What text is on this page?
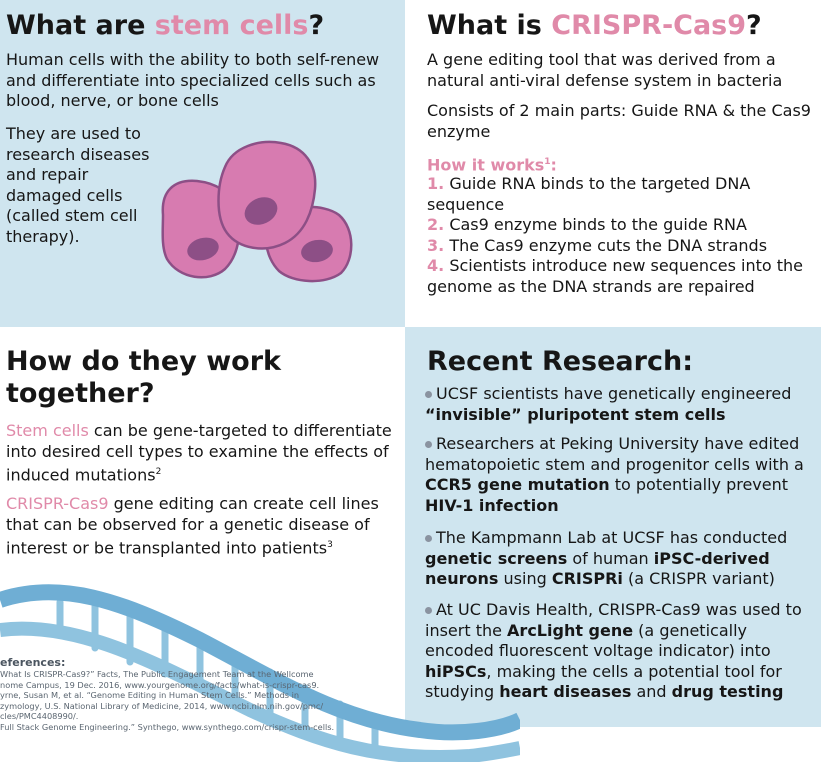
What are stem cells?
Human cells with the ability to both self-renew and differentiate into specialized cells such as blood, nerve, or bone cells
They are used to
research diseases
and repair
damaged cells
(called stem cell
therapy).
What is CRISPR-Cas9?
A gene editing tool that was derived from a natural anti-viral defense system in bacteria
Consists of 2 main parts: Guide RNA & the Cas9 enzyme
How it works$^1$:
1. Guide RNA binds to the targeted DNA sequence
2. Cas9 enzyme binds to the guide RNA
3. The Cas9 enzyme cuts the DNA strands
4. Scientists introduce new sequences into the genome as the DNA strands are repaired
How do they work
together?
Stem cells can be gene-targeted to differentiate into desired cell types to examine the effects of induced mutations$^2$
CRISPR-Cas9 gene editing can create cell lines that can be observed for a genetic disease of interest or be transplanted into patients$^3$
eferences:
What Is CRISPR-Cas9?” Facts, The Public Engagement Team at the Wellcome
nome Campus, 19 Dec. 2016, www.yourgenome.org/facts/what-is-crispr-cas9.
yrne, Susan M, et al. “Genome Editing in Human Stem Cells.” Methods in
zymology, U.S. National Library of Medicine, 2014, www.ncbi.nlm.nih.gov/pmc/
cles/PMC4408990/.
Full Stack Genome Engineering.” Synthego, www.synthego.com/crispr-stem-cells.
Recent Research:
UCSF scientists have genetically engineered “invisible” pluripotent stem cells
Researchers at Peking University have edited hematopoietic stem and progenitor cells with a CCR5 gene mutation to potentially prevent HIV-1 infection
The Kampmann Lab at UCSF has conducted genetic screens of human iPSC-derived neurons using CRISPRi (a CRISPR variant)
At UC Davis Health, CRISPR-Cas9 was used to insert the ArcLight gene (a genetically encoded fluorescent voltage indicator) into hiPSCs, making the cells a potential tool for studying heart diseases and drug testing
